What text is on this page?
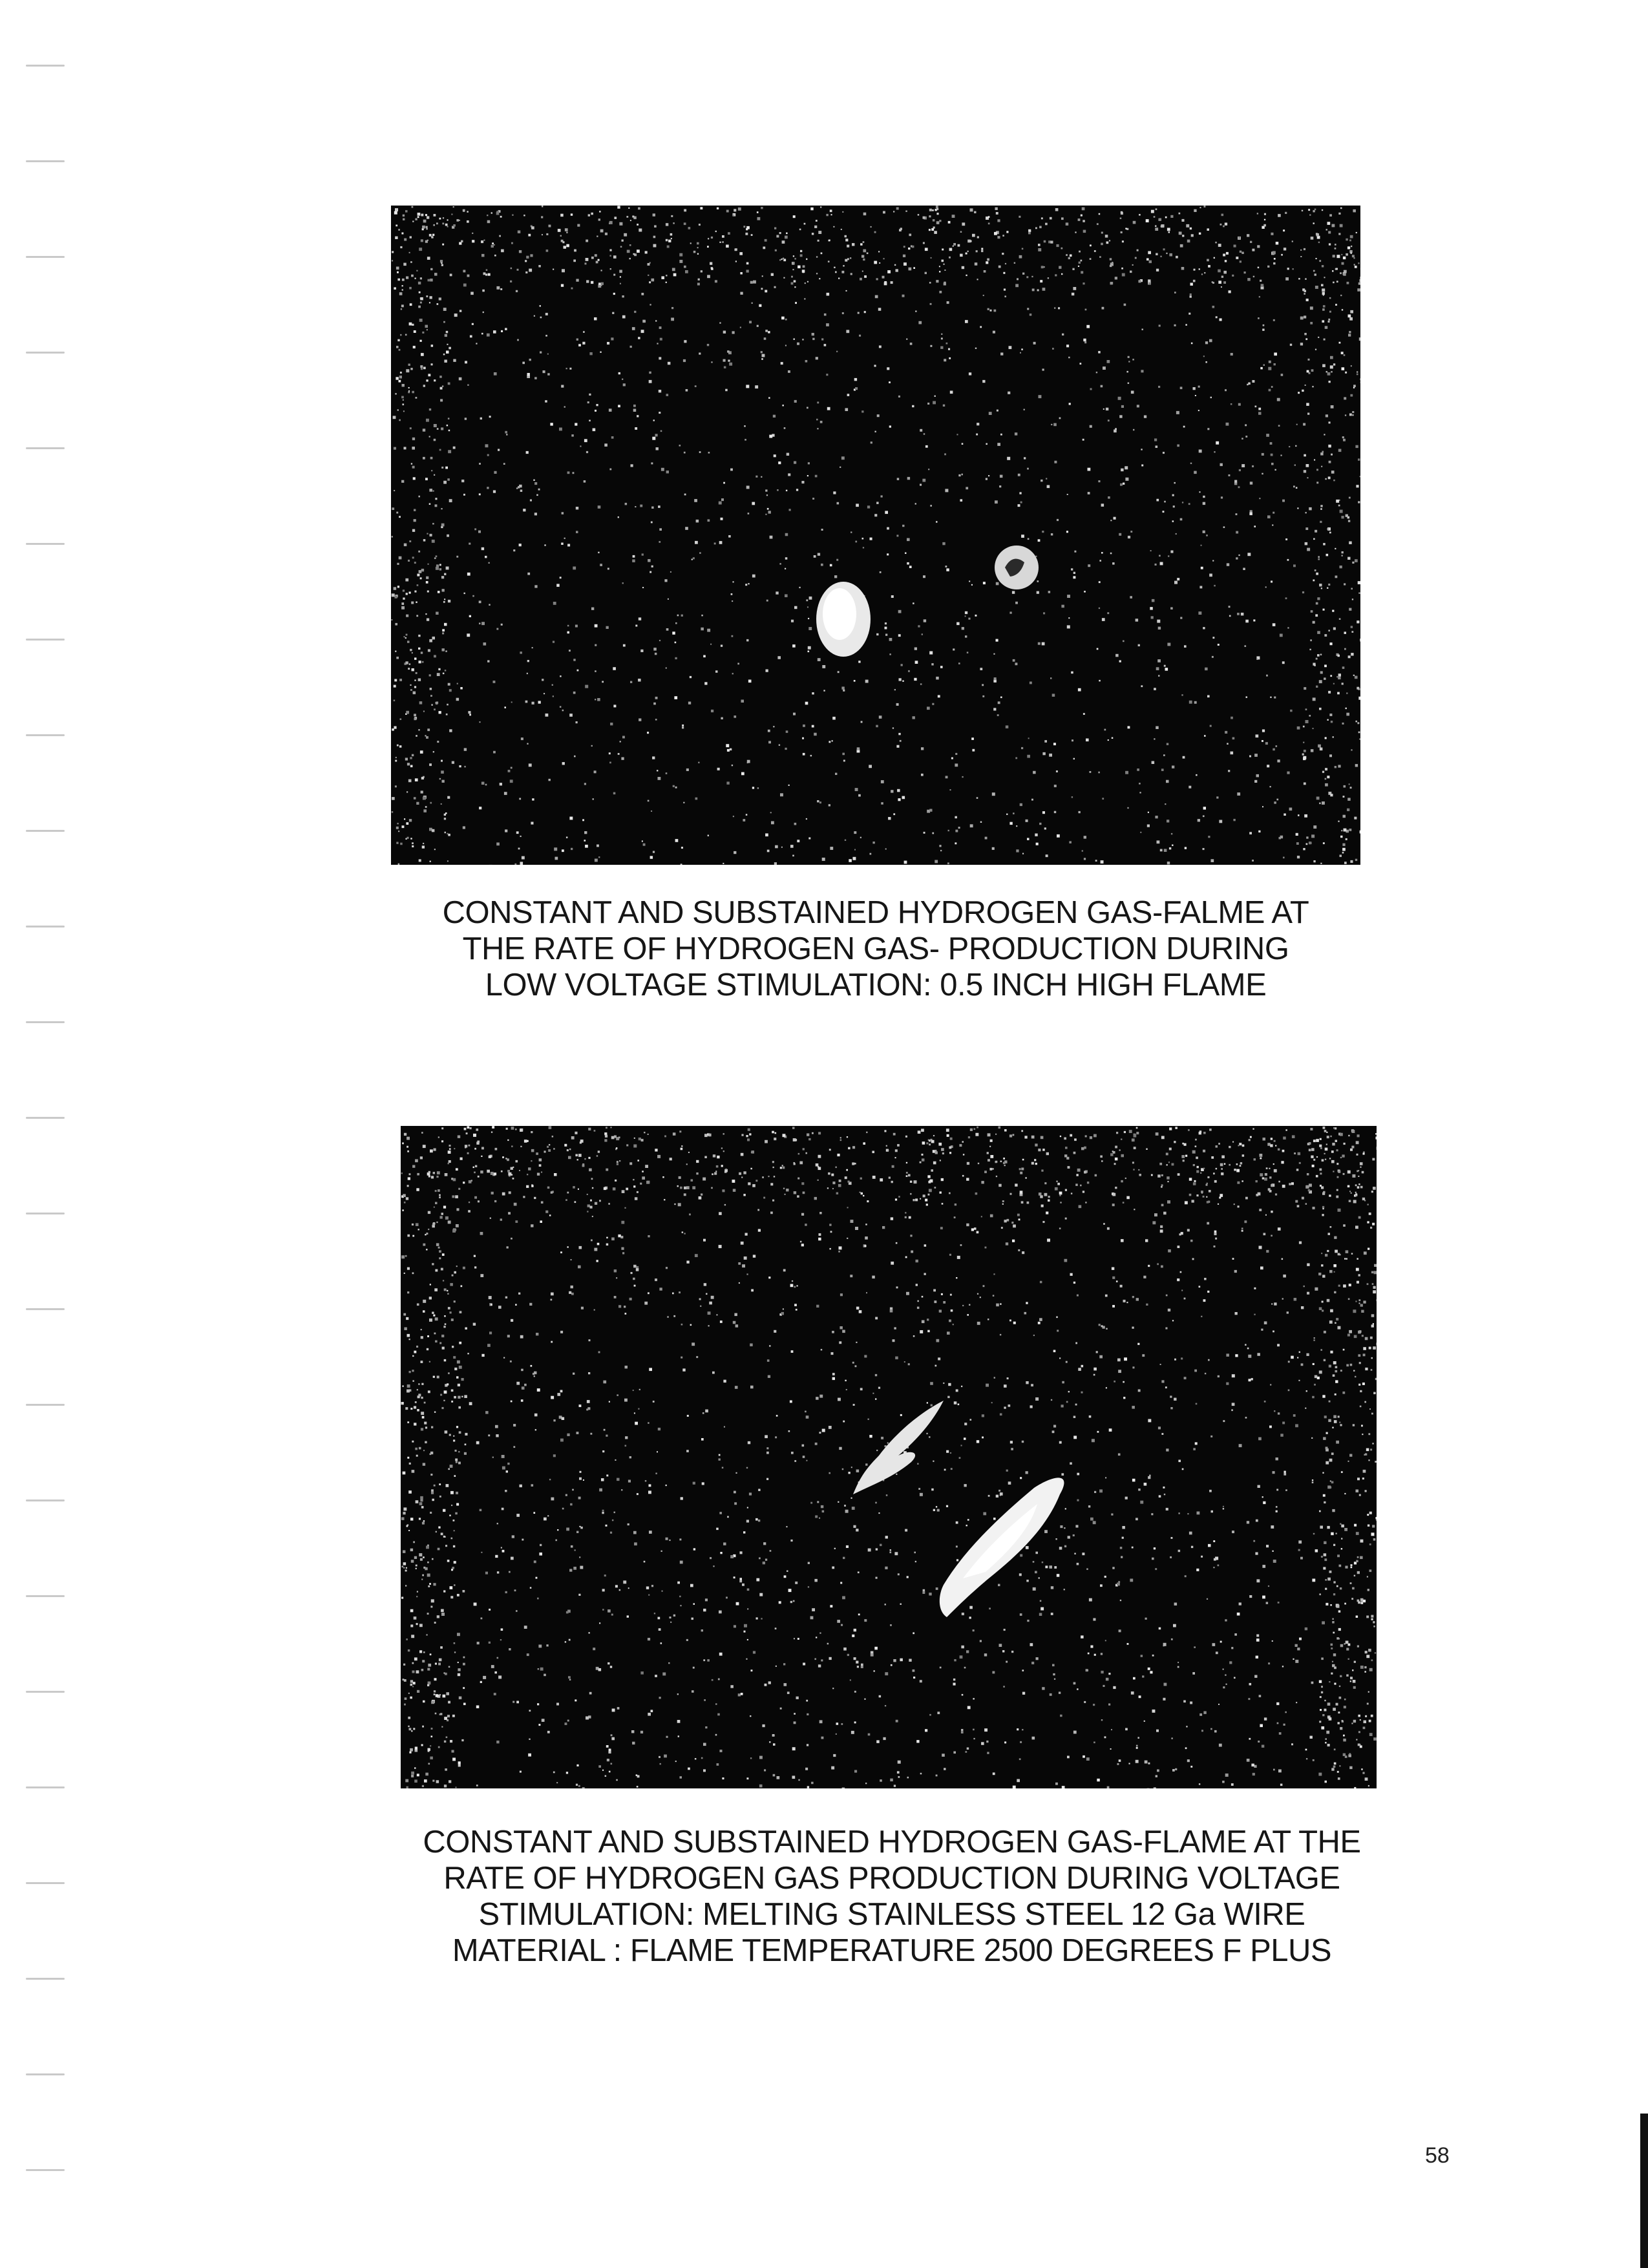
CONSTANT AND SUBSTAINED HYDROGEN GAS-FALME AT
THE RATE OF HYDROGEN GAS- PRODUCTION DURING
LOW VOLTAGE STIMULATION: 0.5 INCH HIGH FLAME
CONSTANT AND SUBSTAINED HYDROGEN GAS-FLAME AT THE
RATE OF HYDROGEN GAS PRODUCTION DURING VOLTAGE
STIMULATION: MELTING STAINLESS STEEL 12 Ga WIRE
MATERIAL : FLAME TEMPERATURE 2500 DEGREES F PLUS
58
